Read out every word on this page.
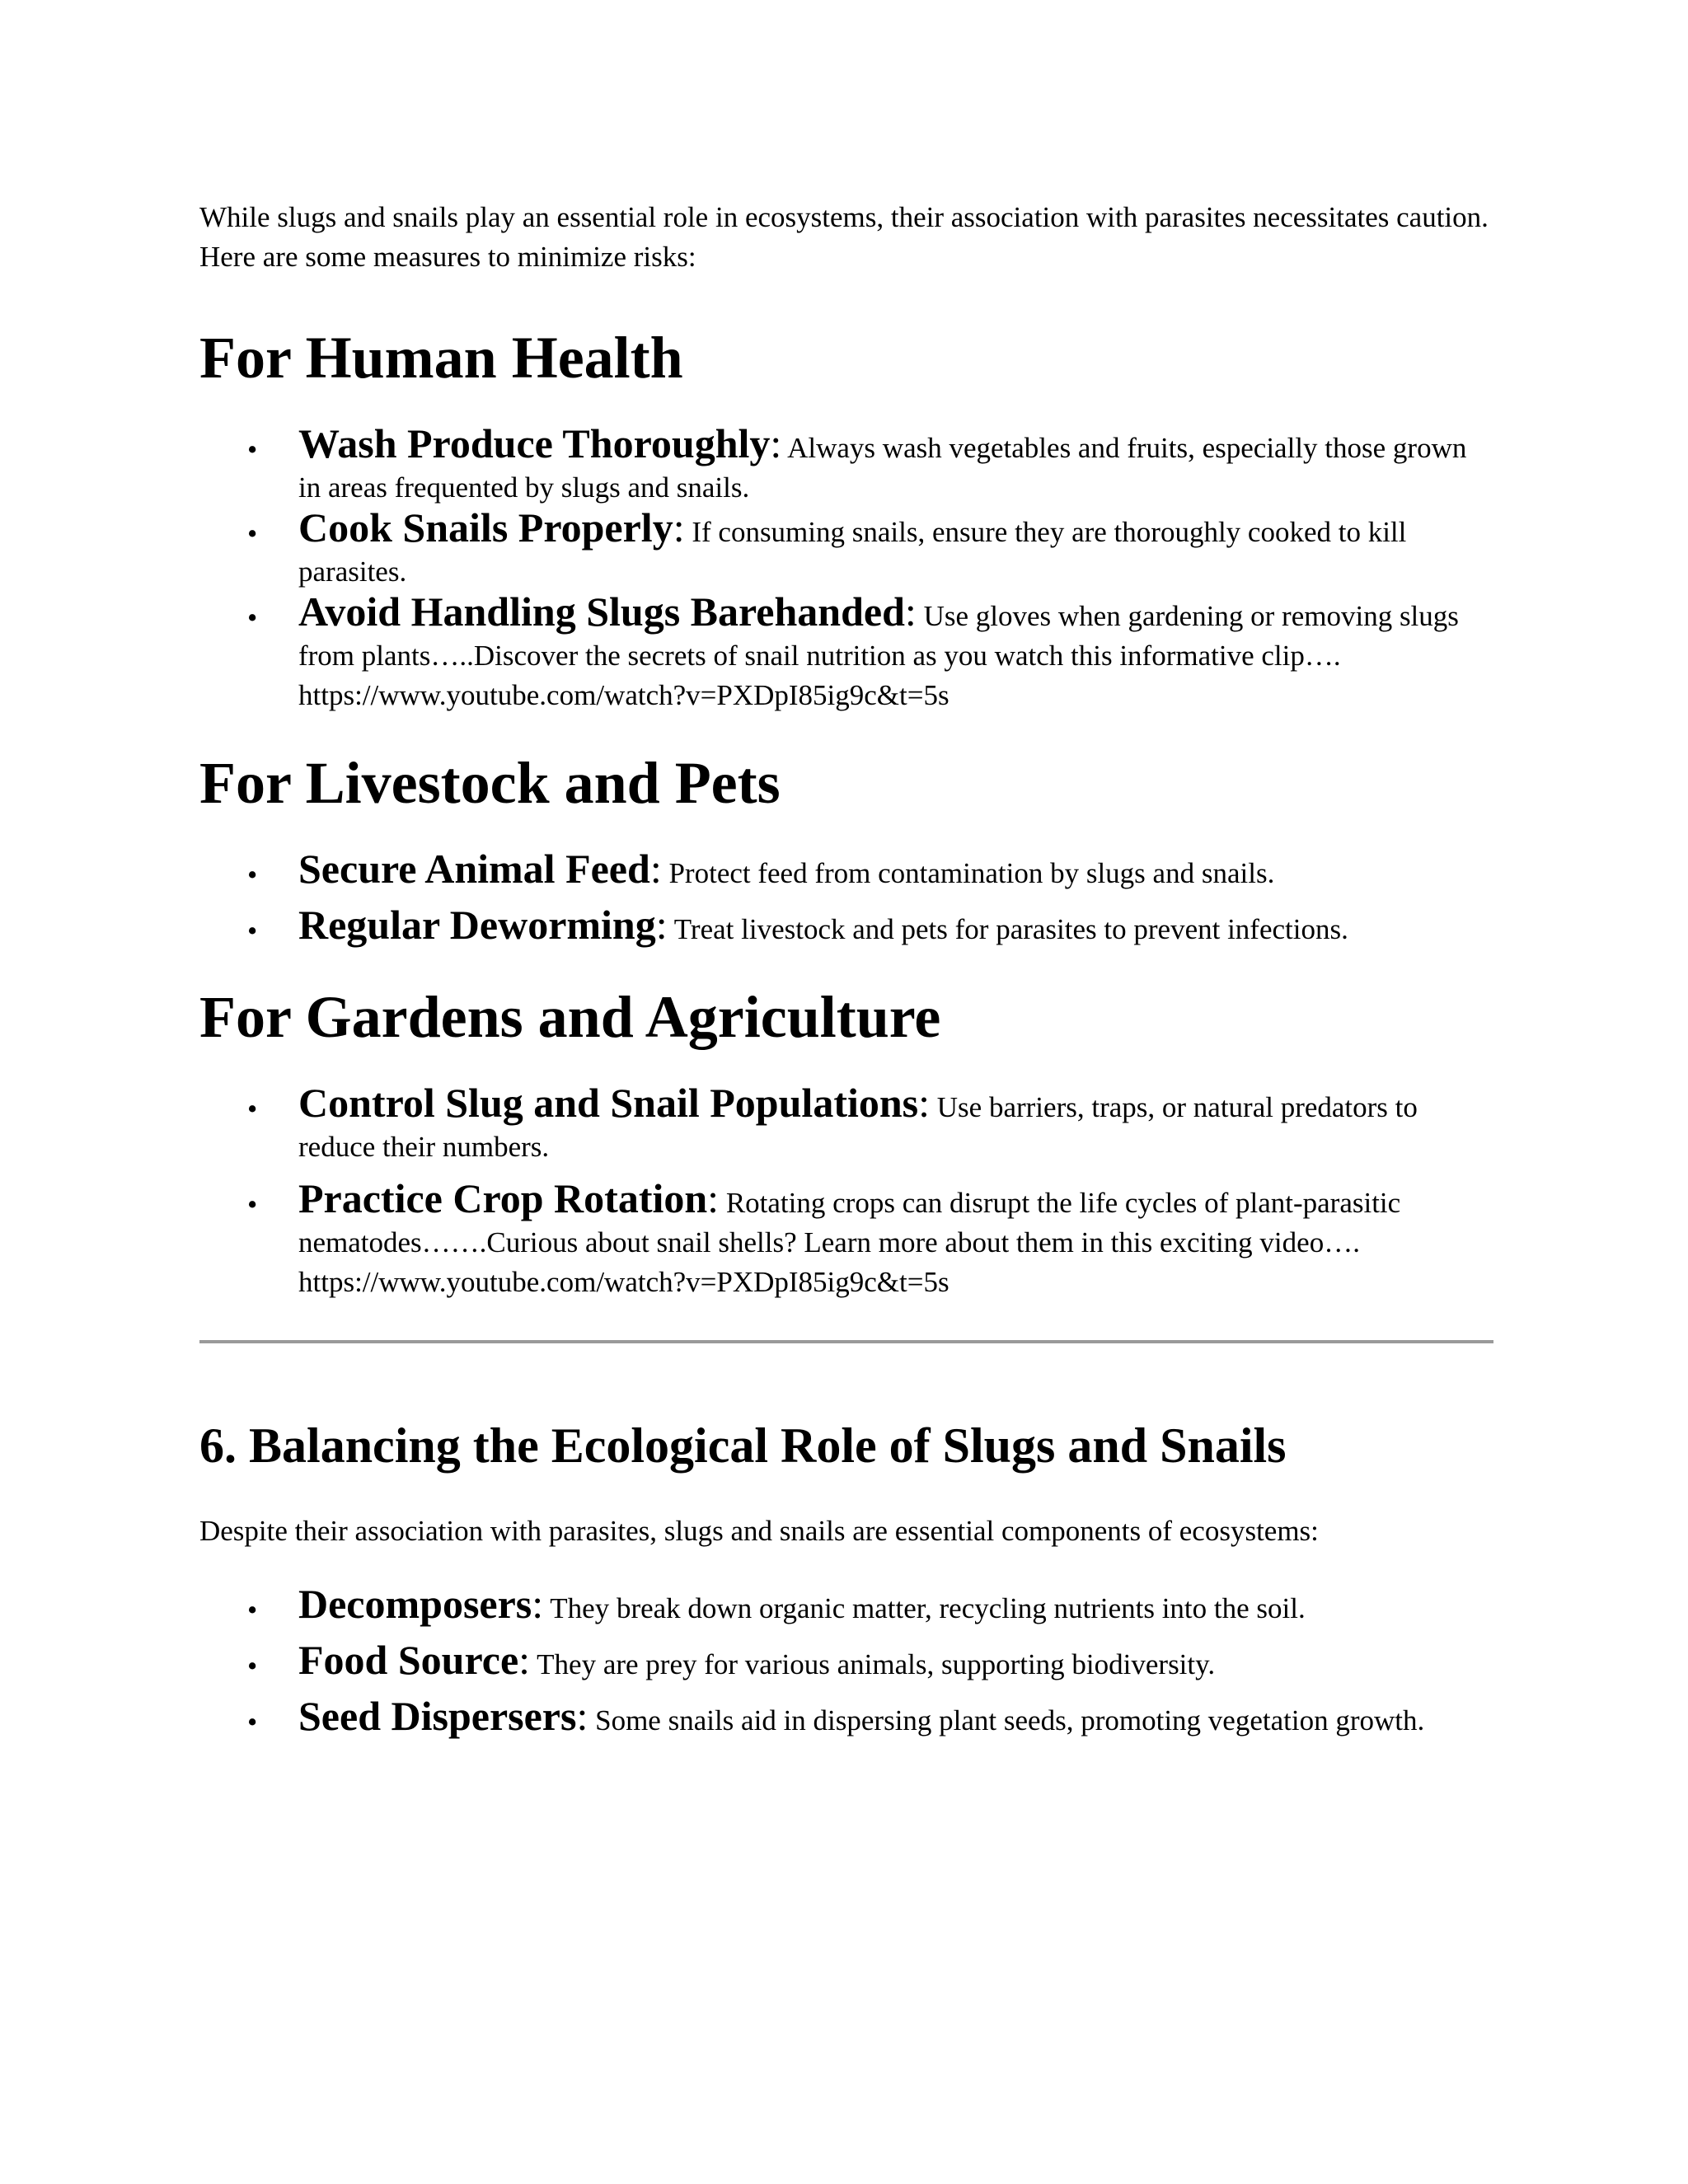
While slugs and snails play an essential role in ecosystems, their association with parasites necessitates caution. Here are some measures to minimize risks:

For Human Health
• Wash Produce Thoroughly: Always wash vegetables and fruits, especially those grown in areas frequented by slugs and snails.
• Cook Snails Properly: If consuming snails, ensure they are thoroughly cooked to kill parasites.
• Avoid Handling Slugs Barehanded: Use gloves when gardening or removing slugs from plants…..Discover the secrets of snail nutrition as you watch this informative clip…. https://www.youtube.com/watch?v=PXDpI85ig9c&t=5s
For Livestock and Pets
• Secure Animal Feed: Protect feed from contamination by slugs and snails.
• Regular Deworming: Treat livestock and pets for parasites to prevent infections.
For Gardens and Agriculture
• Control Slug and Snail Populations: Use barriers, traps, or natural predators to reduce their numbers.
• Practice Crop Rotation: Rotating crops can disrupt the life cycles of plant-parasitic nematodes…….Curious about snail shells? Learn more about them in this exciting video…. https://www.youtube.com/watch?v=PXDpI85ig9c&t=5s
6. Balancing the Ecological Role of Slugs and Snails

Despite their association with parasites, slugs and snails are essential components of ecosystems:

• Decomposers: They break down organic matter, recycling nutrients into the soil.
• Food Source: They are prey for various animals, supporting biodiversity.
• Seed Dispersers: Some snails aid in dispersing plant seeds, promoting vegetation growth.
